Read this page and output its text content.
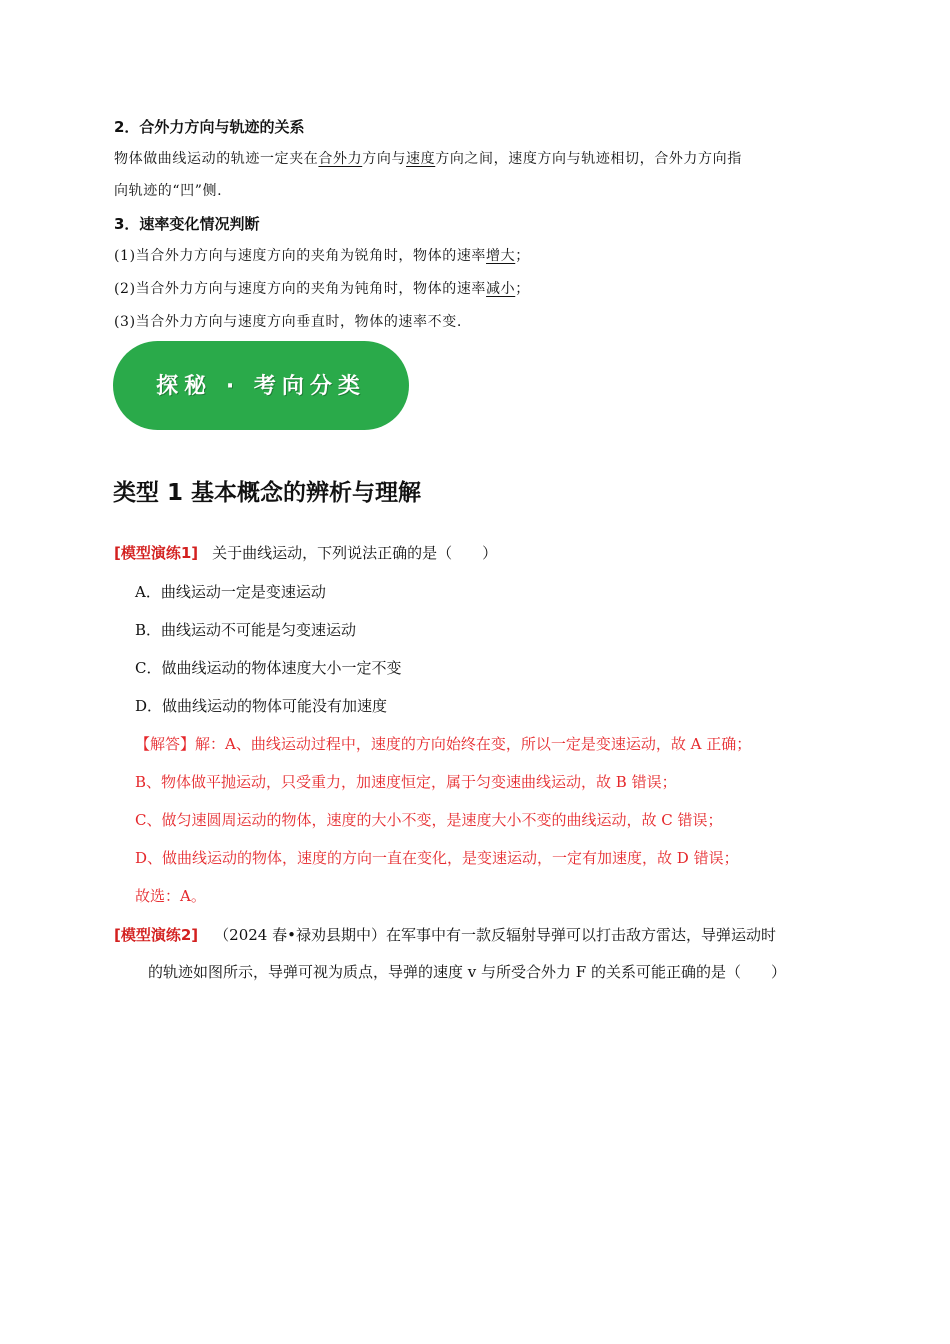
2．合外力方向与轨迹的关系
物体做曲线运动的轨迹一定夹在合外力方向与速度方向之间，速度方向与轨迹相切，合外力方向指
向轨迹的“凹”侧.
3．速率变化情况判断
(1)当合外力方向与速度方向的夹角为锐角时，物体的速率增大；
(2)当合外力方向与速度方向的夹角为钝角时，物体的速率减小；
(3)当合外力方向与速度方向垂直时，物体的速率不变.
探秘 · 考向分类
类型 1 基本概念的辨析与理解
[模型演练1] 关于曲线运动，下列说法正确的是（　　）
A．曲线运动一定是变速运动
B．曲线运动不可能是匀变速运动
C．做曲线运动的物体速度大小一定不变
D．做曲线运动的物体可能没有加速度
【解答】解：A、曲线运动过程中，速度的方向始终在变，所以一定是变速运动，故 A 正确；
B、物体做平抛运动，只受重力，加速度恒定，属于匀变速曲线运动，故 B 错误；
C、做匀速圆周运动的物体，速度的大小不变，是速度大小不变的曲线运动，故 C 错误；
D、做曲线运动的物体，速度的方向一直在变化，是变速运动，一定有加速度，故 D 错误；
故选：A。
[模型演练2] （2024 春•禄劝县期中）在军事中有一款反辐射导弹可以打击敌方雷达，导弹运动时
的轨迹如图所示，导弹可视为质点，导弹的速度 v 与所受合外力 F 的关系可能正确的是（　　）
